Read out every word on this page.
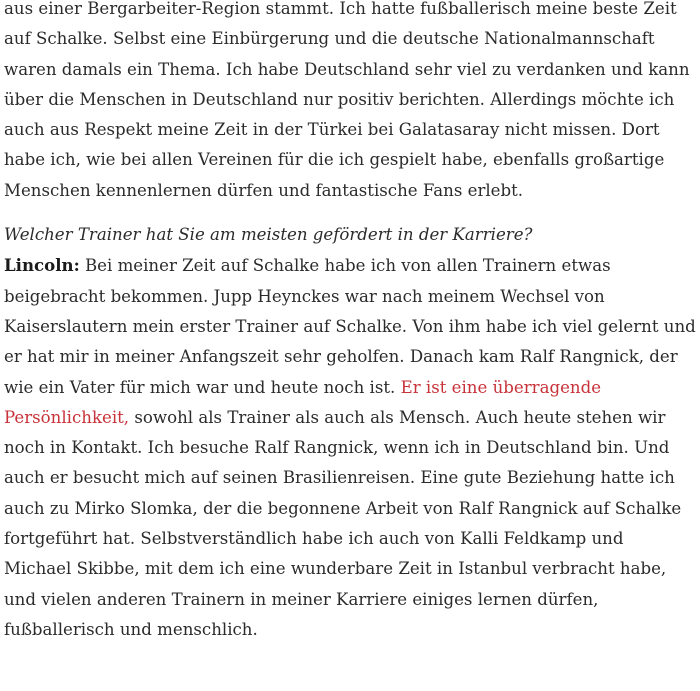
aus einer Bergarbeiter-Region stammt. Ich hatte fußballerisch meine beste Zeit auf Schalke. Selbst eine Einbürgerung und die deutsche Nationalmannschaft waren damals ein Thema. Ich habe Deutschland sehr viel zu verdanken und kann über die Menschen in Deutschland nur positiv berichten. Allerdings möchte ich auch aus Respekt meine Zeit in der Türkei bei Galatasaray nicht missen. Dort habe ich, wie bei allen Vereinen für die ich gespielt habe, ebenfalls großartige Menschen kennenlernen dürfen und fantastische Fans erlebt.

Welcher Trainer hat Sie am meisten gefördert in der Karriere?
Lincoln: Bei meiner Zeit auf Schalke habe ich von allen Trainern etwas beigebracht bekommen. Jupp Heynckes war nach meinem Wechsel von Kaiserslautern mein erster Trainer auf Schalke. Von ihm habe ich viel gelernt und er hat mir in meiner Anfangszeit sehr geholfen. Danach kam Ralf Rangnick, der wie ein Vater für mich war und heute noch ist. Er ist eine überragende Persönlichkeit, sowohl als Trainer als auch als Mensch. Auch heute stehen wir noch in Kontakt. Ich besuche Ralf Rangnick, wenn ich in Deutschland bin. Und auch er besucht mich auf seinen Brasilienreisen. Eine gute Beziehung hatte ich auch zu Mirko Slomka, der die begonnene Arbeit von Ralf Rangnick auf Schalke fortgeführt hat. Selbstverständlich habe ich auch von Kalli Feldkamp und Michael Skibbe, mit dem ich eine wunderbare Zeit in Istanbul verbracht habe, und vielen anderen Trainern in meiner Karriere einiges lernen dürfen, fußballerisch und menschlich.
